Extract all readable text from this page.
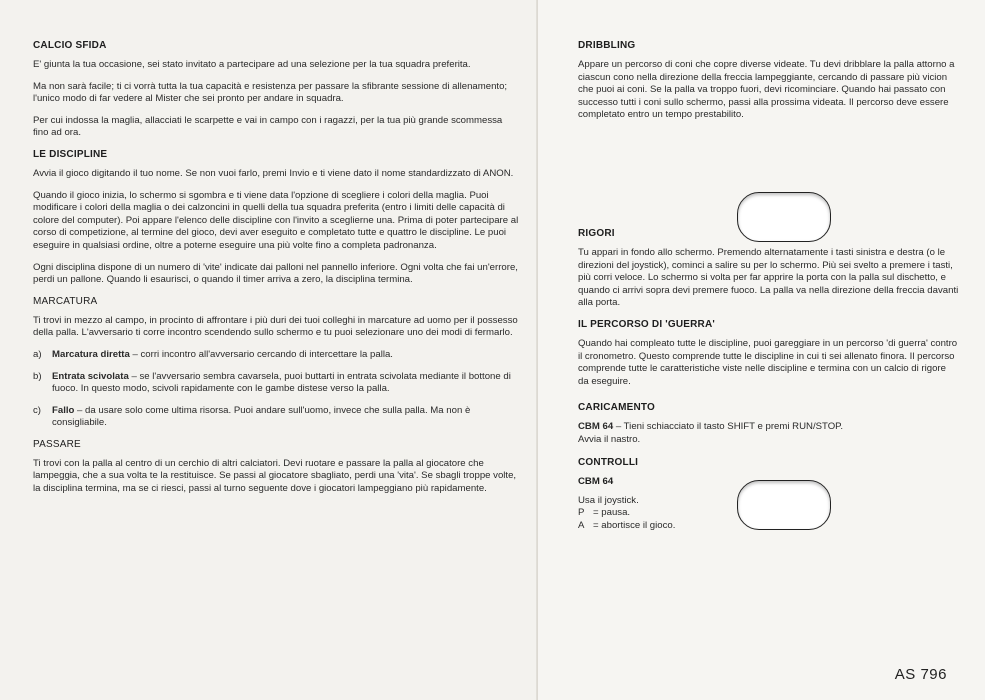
CALCIO SFIDA

E' giunta la tua occasione, sei stato invitato a partecipare ad una selezione per la tua squadra preferita.

Ma non sarà facile; ti ci vorrà tutta la tua capacità e resistenza per passare la sfibrante sessione di allenamento; l'unico modo di far vedere al Mister che sei pronto per andare in squadra.

Per cui indossa la maglia, allacciati le scarpette e vai in campo con i ragazzi, per la tua più grande scommessa fino ad ora.

LE DISCIPLINE

Avvia il gioco digitando il tuo nome. Se non vuoi farlo, premi Invio e ti viene dato il nome standardizzato di ANON.

Quando il gioco inizia, lo schermo si sgombra e ti viene data l'opzione di scegliere i colori della maglia. Puoi modificare i colori della maglia o dei calzoncini in quelli della tua squadra preferita (entro i limiti delle capacità di colore del computer). Poi appare l'elenco delle discipline con l'invito a sceglierne una. Prima di poter partecipare al corso di competizione, al termine del gioco, devi aver eseguito e completato tutte e quattro le discipline. Le puoi eseguire in qualsiasi ordine, oltre a poterne eseguire una più volte fino a completa padronanza.

Ogni disciplina dispone di un numero di 'vite' indicate dai palloni nel pannello inferiore. Ogni volta che fai un'errore, perdi un pallone. Quando li esaurisci, o quando il timer arriva a zero, la disciplina termina.

MARCATURA

Ti trovi in mezzo al campo, in procinto di affrontare i più duri dei tuoi colleghi in marcature ad uomo per il possesso della palla. L'avversario ti corre incontro scendendo sullo schermo e tu puoi selezionare uno dei modi di fermarlo.

a)	Marcatura diretta – corri incontro all'avversario cercando di intercettare la palla.
b)	Entrata scivolata – se l'avversario sembra cavarsela, puoi buttarti in entrata scivolata mediante il bottone di fuoco. In questo modo, scivoli rapidamente con le gambe distese verso la palla.
c)	Fallo – da usare solo come ultima risorsa. Puoi andare sull'uomo, invece che sulla palla. Ma non è consigliabile.
PASSARE

Ti trovi con la palla al centro di un cerchio di altri calciatori. Devi ruotare e passare la palla al giocatore che lampeggia, che a sua volta te la restituisce. Se passi al giocatore sbagliato, perdi una 'vita'. Se sbagli troppe volte, la disciplina termina, ma se ci riesci, passi al turno seguente dove i giocatori lampeggiano più rapidamente.

DRIBBLING

Appare un percorso di coni che copre diverse videate. Tu devi dribblare la palla attorno a ciascun cono nella direzione della freccia lampeggiante, cercando di passare più vicion che puoi ai coni. Se la palla va troppo fuori, devi ricominciare. Quando hai passato con successo tutti i coni sullo schermo, passi alla prossima videata. Il percorso deve essere completato entro un tempo prestabilito.

RIGORI

Tu appari in fondo allo schermo. Premendo alternatamente i tasti sinistra e destra (o le direzioni del joystick), cominci a salire su per lo schermo. Più sei svelto a premere i tasti, più corri veloce. Lo schermo si volta per far apprire la porta con la palla sul dischetto, e quando ci arrivi sopra devi premere fuoco. La palla va nella direzione della freccia davanti alla porta.

IL PERCORSO DI 'GUERRA'

Quando hai compleato tutte le discipline, puoi gareggiare in un percorso 'di guerra' contro il cronometro. Questo comprende tutte le discipline in cui ti sei allenato finora. Il percorso comprende tutte le caratteristiche viste nelle discipline e termina con un calcio di rigore da eseguire.

CARICAMENTO

CBM 64 – Tieni schiacciato il tasto SHIFT e premi RUN/STOP.

Avvia il nastro.

CONTROLLI
CBM 64

Usa il joystick.

P = pausa.
A = abortisce il gioco.
AS 796
